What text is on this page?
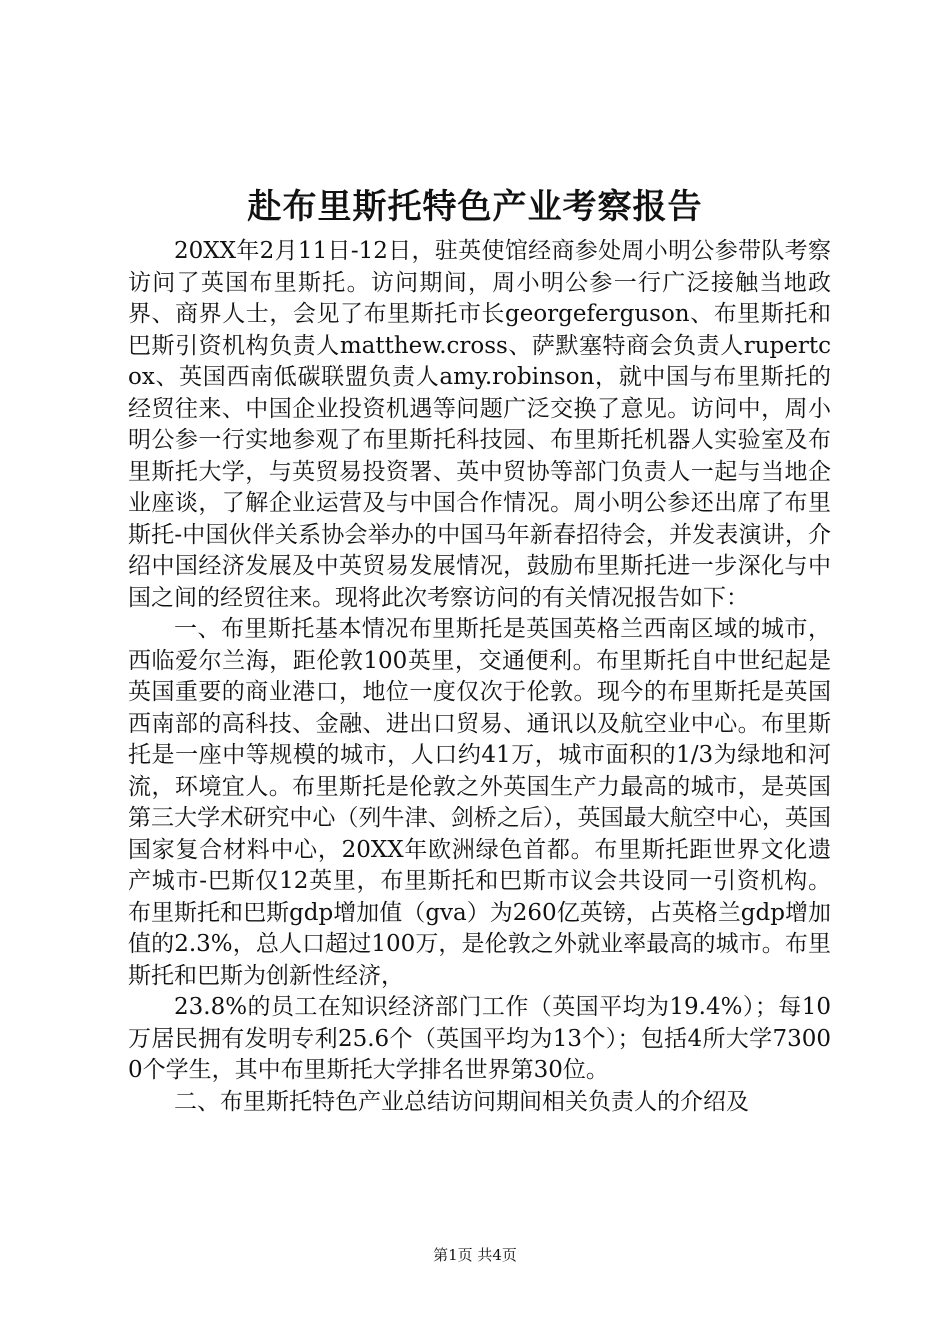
赴布里斯托特色产业考察报告

20XX年2月11日-12日，驻英使馆经商参处周小明公参带队考察访问了英国布里斯托。访问期间，周小明公参一行广泛接触当地政界、商界人士，会见了布里斯托市长georgeferguson、布里斯托和巴斯引资机构负责人matthew.cross、萨默塞特商会负责人rupertcox、英国西南低碳联盟负责人amy.robinson，就中国与布里斯托的经贸往来、中国企业投资机遇等问题广泛交换了意见。访问中，周小明公参一行实地参观了布里斯托科技园、布里斯托机器人实验室及布里斯托大学，与英贸易投资署、英中贸协等部门负责人一起与当地企业座谈，了解企业运营及与中国合作情况。周小明公参还出席了布里斯托-中国伙伴关系协会举办的中国马年新春招待会，并发表演讲，介绍中国经济发展及中英贸易发展情况，鼓励布里斯托进一步深化与中国之间的经贸往来。现将此次考察访问的有关情况报告如下：

一、布里斯托基本情况布里斯托是英国英格兰西南区域的城市，西临爱尔兰海，距伦敦100英里，交通便利。布里斯托自中世纪起是英国重要的商业港口，地位一度仅次于伦敦。现今的布里斯托是英国西南部的高科技、金融、进出口贸易、通讯以及航空业中心。布里斯托是一座中等规模的城市，人口约41万，城市面积的1/3为绿地和河流，环境宜人。布里斯托是伦敦之外英国生产力最高的城市，是英国第三大学术研究中心（列牛津、剑桥之后），英国最大航空中心，英国国家复合材料中心，20XX年欧洲绿色首都。布里斯托距世界文化遗产城市-巴斯仅12英里，布里斯托和巴斯市议会共设同一引资机构。布里斯托和巴斯gdp增加值（gva）为260亿英镑，占英格兰gdp增加值的2.3%，总人口超过100万，是伦敦之外就业率最高的城市。布里斯托和巴斯为创新性经济，

23.8%的员工在知识经济部门工作（英国平均为19.4%）；每10万居民拥有发明专利25.6个（英国平均为13个）；包括4所大学73000个学生，其中布里斯托大学排名世界第30位。

二、布里斯托特色产业总结访问期间相关负责人的介绍及

第1页 共4页
